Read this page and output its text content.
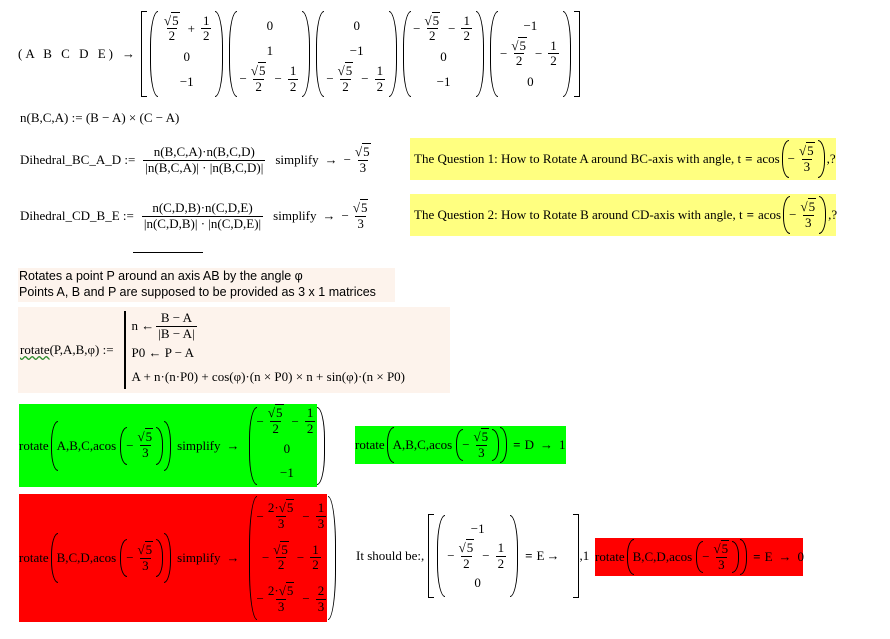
(A B C D E) →
$\frac{√5}{2} + \frac{1}{2}$
0
−1
0
1
− $\frac{√5}{2} - \frac{1}{2}$
0
−1
− $\frac{√5}{2} - \frac{1}{2}$
− $\frac{√5}{2} - \frac{1}{2}$
0
−1
−1
− $\frac{√5}{2} - \frac{1}{2}$
0
n(B,C,A) := (B − A) × (C − A)
Dihedral_BC_A_D := $\frac{n(B,C,A)\cdot n(B,C,D)}{|n(B,C,A)| \cdot |n(B,C,D)|}$ simplify → − $\frac{√5}{3}$
Dihedral_CD_B_E := $\frac{n(C,D,B)\cdot n(C,D,E)}{|n(C,D,B)| \cdot |n(C,D,E)|}$ simplify → − $\frac{√5}{3}$
The Question 1: How to Rotate A around BC-axis with angle, $t = acos - \frac{√5}{3}$ ,?
The Question 2: How to Rotate B around CD-axis with angle, $t = acos - \frac{√5}{3}$ ,?
Rotates a point P around an axis AB by the angle φ
Points A, B and P are supposed to be provided as 3 x 1 matrices
rotate (P,A,B,φ) :=
n ← $\frac{B - A}{|B - A|}$
P0 ← P − A
A + n·(n·P0) + cos(φ)·(n × P0) × n + sin(φ)·(n × P0)
rotate $A,B,C,acos - \frac{√5}{3}$ simplify →
− $\frac{√5}{2} - \frac{1}{2}$
0
−1
rotate $A,B,C,acos - \frac{√5}{3} = D \to 1$
rotate $B,C,D,acos - \frac{√5}{3}$ simplify →
− $\frac{2\cdot√5}{3} - \frac{1}{3}$
− $\frac{√5}{2} - \frac{1}{2}$
− $\frac{2\cdot√5}{3} - \frac{2}{3}$
It should be:,
−1
− $\frac{√5}{2} - \frac{1}{2}$
0
= E → ,1 rotate $B,C,D,acos - \frac{√5}{3} = E \to 0$
